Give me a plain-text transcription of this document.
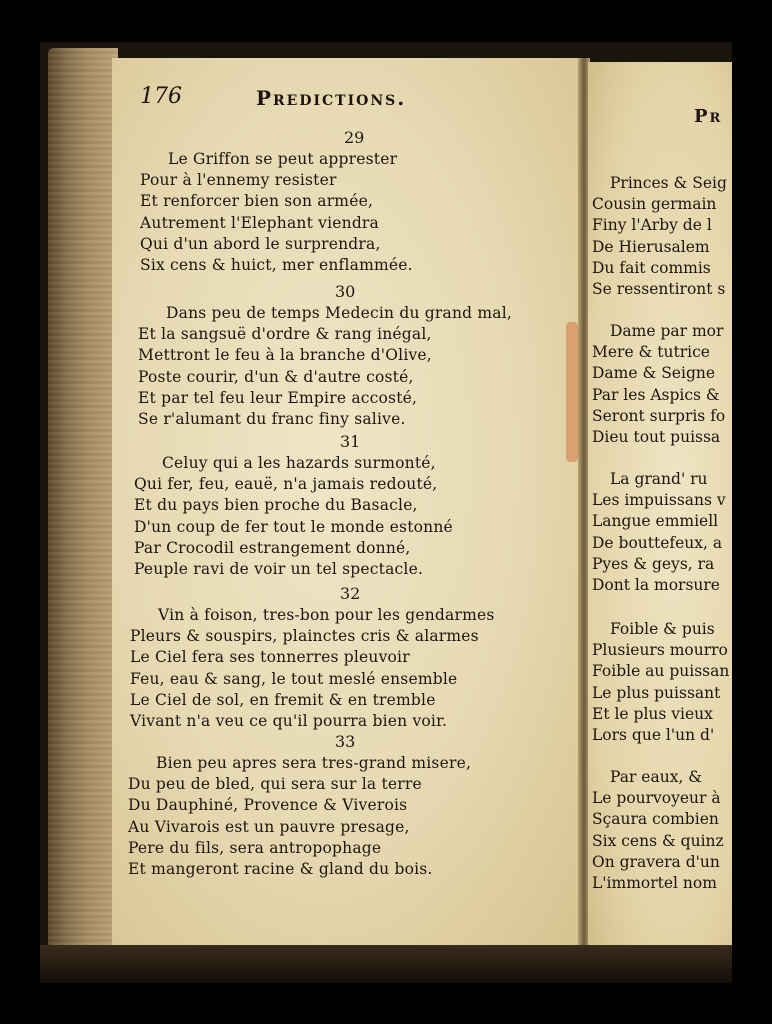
Pr
Princes & Seig
Cousin germain
Finy l'Arby de l
De Hierusalem
Du fait commis
Se ressentiront s
Dame par mor
Mere & tutrice
Dame & Seigne
Par les Aspics &
Seront surpris fo
Dieu tout puissa
La grand' ru
Les impuissans v
Langue emmiell
De bouttefeux, a
Pyes & geys, ra
Dont la morsure
Foible & puis
Plusieurs mourro
Foible au puissan
Le plus puissant
Et le plus vieux
Lors que l'un d'
Par eaux, &
Le pourvoyeur à
Sçaura combien
Six cens & quinz
On gravera d'un
L'immortel nom
176	Predictions.
29
Le Griffon se peut apprester
Pour à l'ennemy resister
Et renforcer bien son armée,
Autrement l'Elephant viendra
Qui d'un abord le surprendra,
Six cens & huict, mer enflammée.
30
Dans peu de temps Medecin du grand mal,
Et la sangsuë d'ordre & rang inégal,
Mettront le feu à la branche d'Olive,
Poste courir, d'un & d'autre costé,
Et par tel feu leur Empire accosté,
Se r'alumant du franc finy salive.
31
Celuy qui a les hazards surmonté,
Qui fer, feu, eauë, n'a jamais redouté,
Et du pays bien proche du Basacle,
D'un coup de fer tout le monde estonné
Par Crocodil estrangement donné,
Peuple ravi de voir un tel spectacle.
32
Vin à foison, tres-bon pour les gendarmes
Pleurs & souspirs, plainctes cris & alarmes
Le Ciel fera ses tonnerres pleuvoir
Feu, eau & sang, le tout meslé ensemble
Le Ciel de sol, en fremit & en tremble
Vivant n'a veu ce qu'il pourra bien voir.
33
Bien peu apres sera tres-grand misere,
Du peu de bled, qui sera sur la terre
Du Dauphiné, Provence & Viverois
Au Vivarois est un pauvre presage,
Pere du fils, sera antropophage
Et mangeront racine & gland du bois.
